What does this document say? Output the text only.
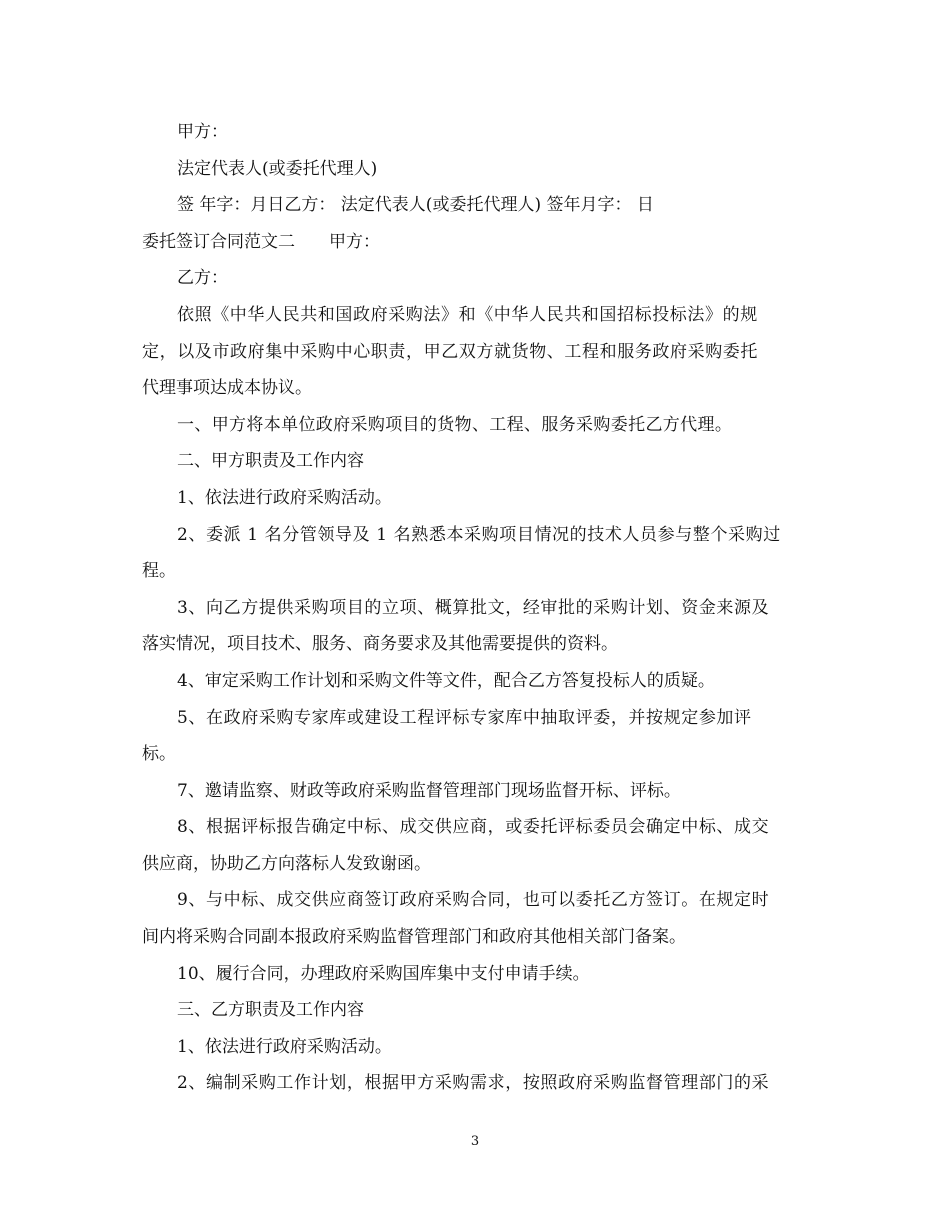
甲方：

法定代表人(或委托代理人)

签 年字：月日乙方： 法定代表人(或委托代理人) 签年月字： 日

委托签订合同范文二　　甲方：

乙方：

依照《中华人民共和国政府采购法》和《中华人民共和国招标投标法》的规

定，以及市政府集中采购中心职责，甲乙双方就货物、工程和服务政府采购委托

代理事项达成本协议。

一、甲方将本单位政府采购项目的货物、工程、服务采购委托乙方代理。

二、甲方职责及工作内容

1、依法进行政府采购活动。

2、委派 1 名分管领导及 1 名熟悉本采购项目情况的技术人员参与整个采购过

程。

3、向乙方提供采购项目的立项、概算批文，经审批的采购计划、资金来源及

落实情况，项目技术、服务、商务要求及其他需要提供的资料。

4、审定采购工作计划和采购文件等文件，配合乙方答复投标人的质疑。

5、在政府采购专家库或建设工程评标专家库中抽取评委，并按规定参加评

标。

7、邀请监察、财政等政府采购监督管理部门现场监督开标、评标。

8、根据评标报告确定中标、成交供应商，或委托评标委员会确定中标、成交

供应商，协助乙方向落标人发致谢函。

9、与中标、成交供应商签订政府采购合同，也可以委托乙方签订。在规定时

间内将采购合同副本报政府采购监督管理部门和政府其他相关部门备案。

10、履行合同，办理政府采购国库集中支付申请手续。

三、乙方职责及工作内容

1、依法进行政府采购活动。

2、编制采购工作计划，根据甲方采购需求，按照政府采购监督管理部门的采

3
